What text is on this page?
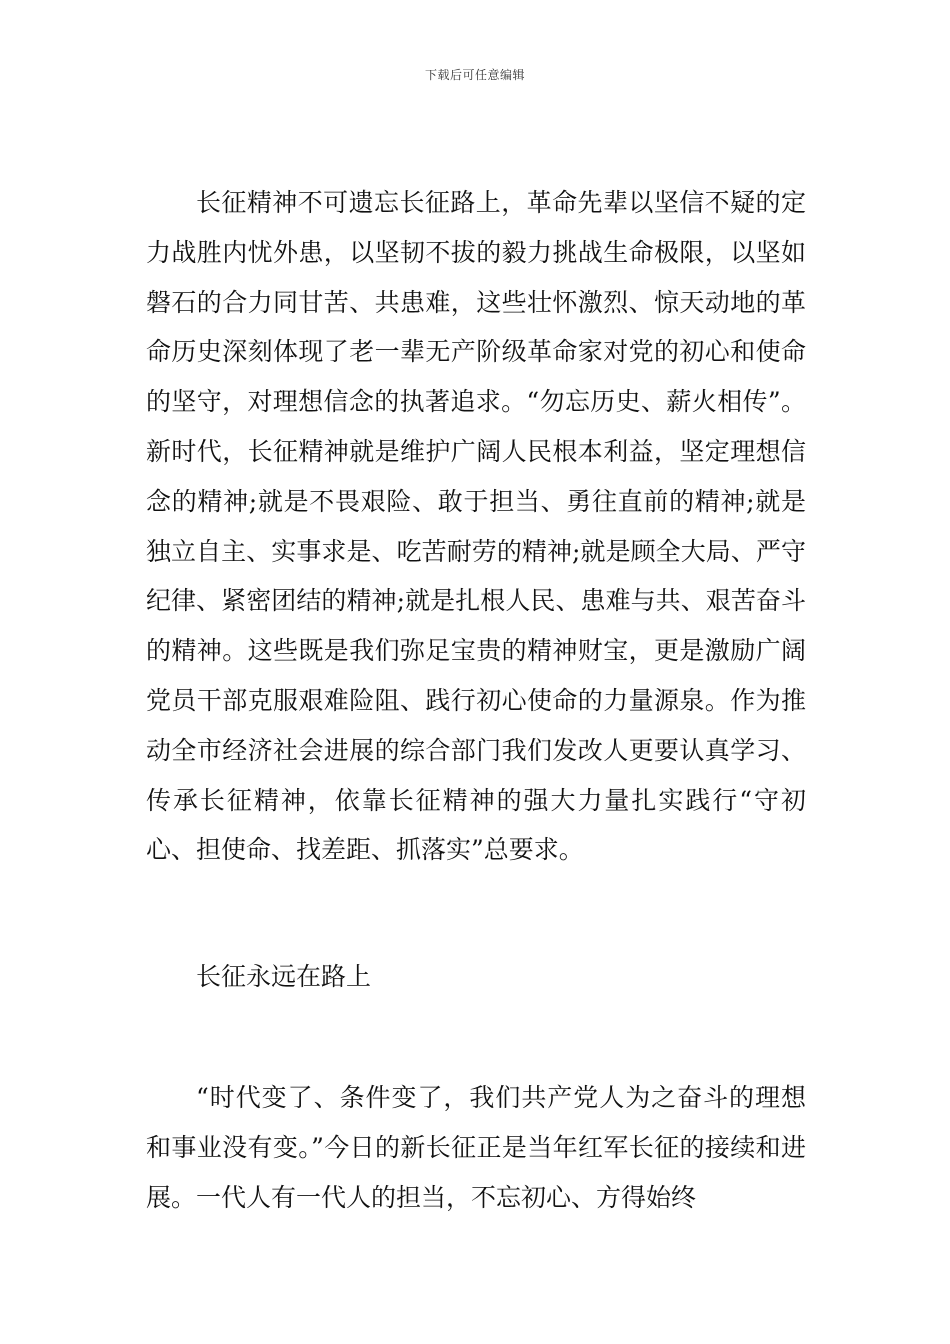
下载后可任意编辑

长征精神不可遗忘长征路上，革命先辈以坚信不疑的定力战胜内忧外患，以坚韧不拔的毅力挑战生命极限，以坚如磐石的合力同甘苦、共患难，这些壮怀激烈、惊天动地的革命历史深刻体现了老一辈无产阶级革命家对党的初心和使命的坚守，对理想信念的执著追求。“勿忘历史、薪火相传”。新时代，长征精神就是维护广阔人民根本利益，坚定理想信念的精神;就是不畏艰险、敢于担当、勇往直前的精神;就是独立自主、实事求是、吃苦耐劳的精神;就是顾全大局、严守纪律、紧密团结的精神;就是扎根人民、患难与共、艰苦奋斗的精神。这些既是我们弥足宝贵的精神财宝，更是激励广阔党员干部克服艰难险阻、践行初心使命的力量源泉。作为推动全市经济社会进展的综合部门我们发改人更要认真学习、传承长征精神，依靠长征精神的强大力量扎实践行“守初心、担使命、找差距、抓落实”总要求。

长征永远在路上

“时代变了、条件变了，我们共产党人为之奋斗的理想和事业没有变。”今日的新长征正是当年红军长征的接续和进展。一代人有一代人的担当，不忘初心、方得始终
